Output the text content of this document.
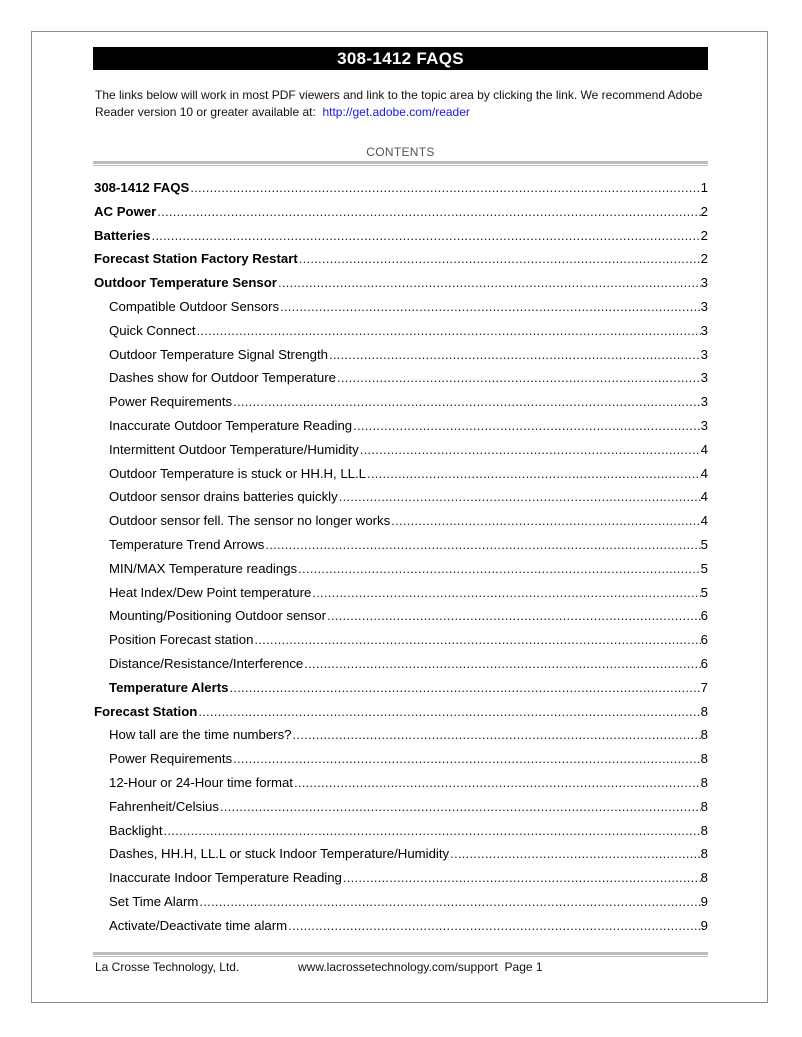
308-1412 FAQS
The links below will work in most PDF viewers and link to the topic area by clicking the link. We recommend Adobe Reader version 10 or greater available at: http://get.adobe.com/reader
CONTENTS
308-1412 FAQS .....	1
AC Power .....	2
Batteries .....	2
Forecast Station Factory Restart .....	2
Outdoor Temperature Sensor .....	3
Compatible Outdoor Sensors .....	3
Quick Connect .....	3
Outdoor Temperature Signal Strength .....	3
Dashes show for Outdoor Temperature .....	3
Power Requirements .....	3
Inaccurate Outdoor Temperature Reading .....	3
Intermittent Outdoor Temperature/Humidity .....	4
Outdoor Temperature is stuck or HH.H, LL.L .....	4
Outdoor sensor drains batteries quickly .....	4
Outdoor sensor fell. The sensor no longer works .....	4
Temperature Trend Arrows .....	5
MIN/MAX Temperature readings .....	5
Heat Index/Dew Point temperature .....	5
Mounting/Positioning Outdoor sensor .....	6
Position Forecast station .....	6
Distance/Resistance/Interference .....	6
Temperature Alerts .....	7
Forecast Station .....	8
How tall are the time numbers? .....	8
Power Requirements .....	8
12-Hour or 24-Hour time format .....	8
Fahrenheit/Celsius .....	8
Backlight .....	8
Dashes, HH.H, LL.L or stuck Indoor Temperature/Humidity .....	8
Inaccurate Indoor Temperature Reading .....	8
Set Time Alarm .....	9
Activate/Deactivate time alarm .....	9
La Crosse Technology, Ltd.	www.lacrossetechnology.com/support Page 1
